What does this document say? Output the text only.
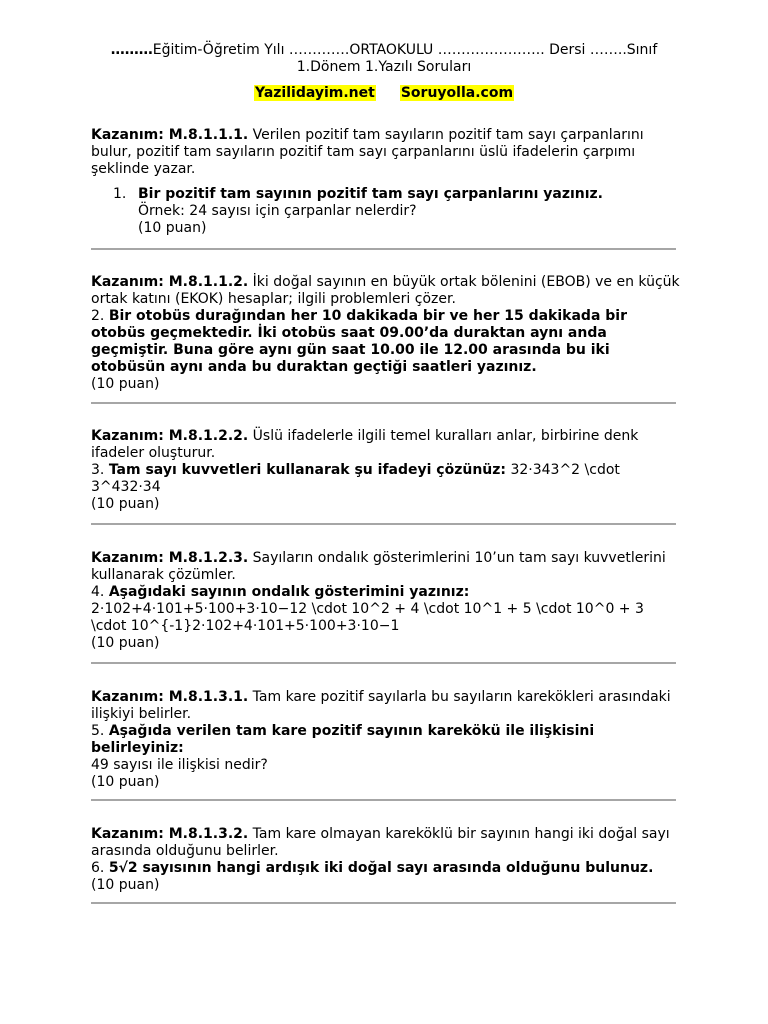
………Eğitim-Öğretim Yılı ………….ORTAOKULU ………………….. Dersi ……..Sınıf
1.Dönem 1.Yazılı Soruları
Yazilidayim.net Soruyolla.com
Kazanım: M.8.1.1.1. Verilen pozitif tam sayıların pozitif tam sayı çarpanlarını bulur, pozitif tam sayıların pozitif tam sayı çarpanlarını üslü ifadelerin çarpımı şeklinde yazar.
1. Bir pozitif tam sayının pozitif tam sayı çarpanlarını yazınız.
Örnek: 24 sayısı için çarpanlar nelerdir?
(10 puan)
Kazanım: M.8.1.1.2. İki doğal sayının en büyük ortak bölenini (EBOB) ve en küçük ortak katını (EKOK) hesaplar; ilgili problemleri çözer.
2. Bir otobüs durağından her 10 dakikada bir ve her 15 dakikada bir otobüs geçmektedir. İki otobüs saat 09.00’da duraktan aynı anda geçmiştir. Buna göre aynı gün saat 10.00 ile 12.00 arasında bu iki otobüsün aynı anda bu duraktan geçtiği saatleri yazınız.
(10 puan)
Kazanım: M.8.1.2.2. Üslü ifadelerle ilgili temel kuralları anlar, birbirine denk ifadeler oluşturur.
3. Tam sayı kuvvetleri kullanarak şu ifadeyi çözünüz: 32·343^2 \cdot 3^432·34
(10 puan)
Kazanım: M.8.1.2.3. Sayıların ondalık gösterimlerini 10’un tam sayı kuvvetlerini kullanarak çözümler.
4. Aşağıdaki sayının ondalık gösterimini yazınız:
2·102+4·101+5·100+3·10−12 \cdot 10^2 + 4 \cdot 10^1 + 5 \cdot 10^0 + 3 \cdot 10^{-1}2·102+4·101+5·100+3·10−1
(10 puan)
Kazanım: M.8.1.3.1. Tam kare pozitif sayılarla bu sayıların karekökleri arasındaki ilişkiyi belirler.
5. Aşağıda verilen tam kare pozitif sayının karekökü ile ilişkisini belirleyiniz:
49 sayısı ile ilişkisi nedir?
(10 puan)
Kazanım: M.8.1.3.2. Tam kare olmayan kareköklü bir sayının hangi iki doğal sayı arasında olduğunu belirler.
6. 5√2 sayısının hangi ardışık iki doğal sayı arasında olduğunu bulunuz.
(10 puan)
